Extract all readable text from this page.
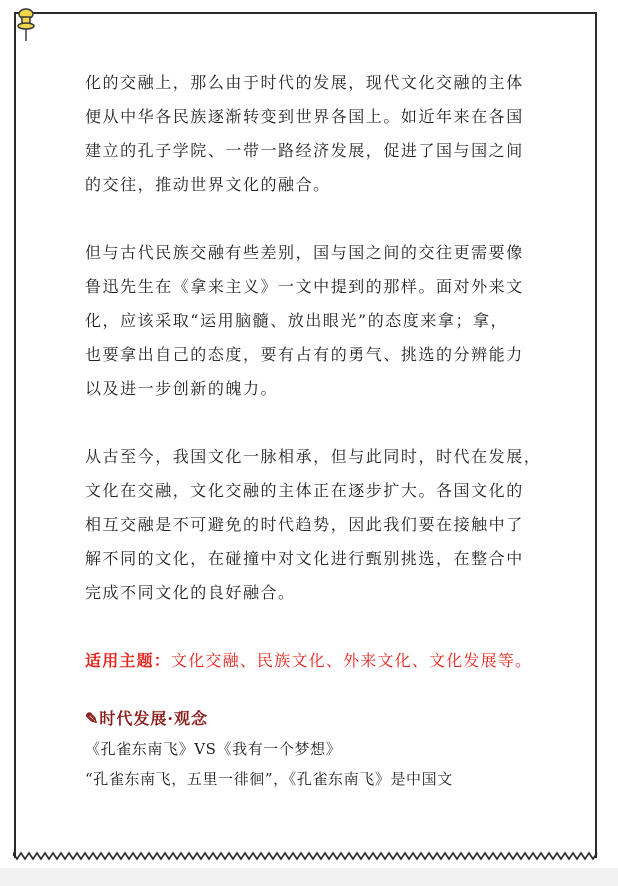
化的交融上，那么由于时代的发展，现代文化交融的主体
便从中华各民族逐渐转变到世界各国上。如近年来在各国
建立的孔子学院、一带一路经济发展，促进了国与国之间
的交往，推动世界文化的融合。

但与古代民族交融有些差别，国与国之间的交往更需要像
鲁迅先生在《拿来主义》一文中提到的那样。面对外来文
化，应该采取“运用脑髓、放出眼光”的态度来拿；拿，
也要拿出自己的态度，要有占有的勇气、挑选的分辨能力
以及进一步创新的魄力。

从古至今，我国文化一脉相承，但与此同时，时代在发展，
文化在交融，文化交融的主体正在逐步扩大。各国文化的
相互交融是不可避免的时代趋势，因此我们要在接触中了
解不同的文化，在碰撞中对文化进行甄别挑选，在整合中
完成不同文化的良好融合。

适用主题：文化交融、民族文化、外来文化、文化发展等。

✎时代发展·观念

《孔雀东南飞》VS《我有一个梦想》

“孔雀东南飞，五里一徘徊”，《孔雀东南飞》是中国文
